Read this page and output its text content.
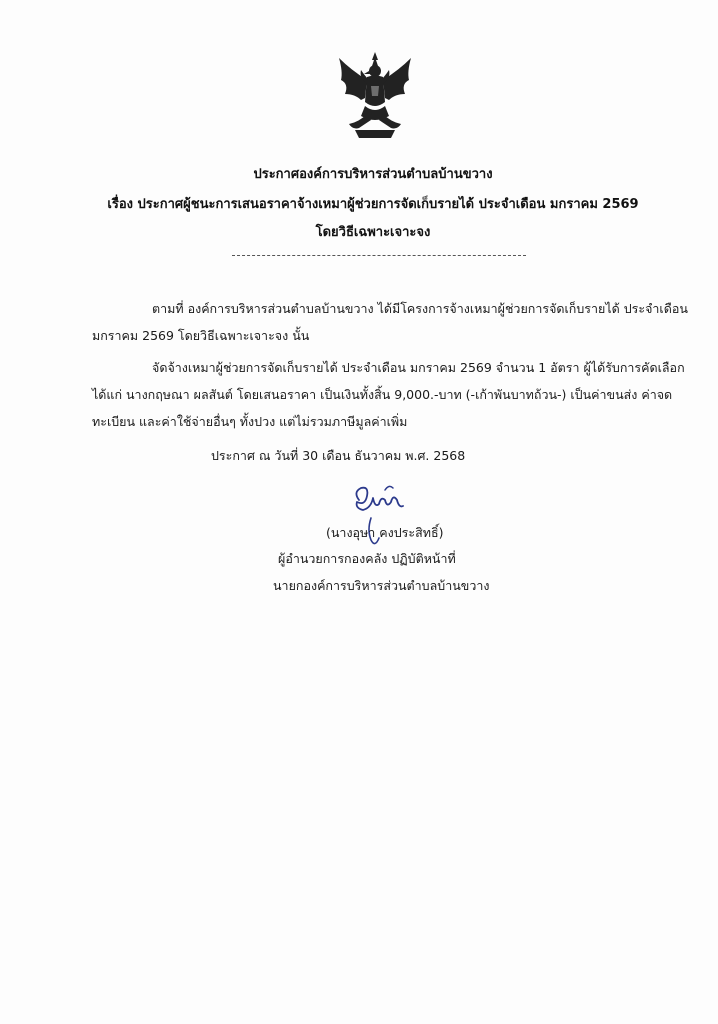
ประกาศองค์การบริหารส่วนตำบลบ้านขวาง
เรื่อง ประกาศผู้ชนะการเสนอราคาจ้างเหมาผู้ช่วยการจัดเก็บรายได้ ประจำเดือน มกราคม 2569
โดยวิธีเฉพาะเจาะจง
ตามที่ องค์การบริหารส่วนตำบลบ้านขวาง ได้มีโครงการจ้างเหมาผู้ช่วยการจัดเก็บรายได้ ประจำเดือน
มกราคม 2569 โดยวิธีเฉพาะเจาะจง นั้น
จัดจ้างเหมาผู้ช่วยการจัดเก็บรายได้ ประจำเดือน มกราคม 2569 จำนวน 1 อัตรา ผู้ได้รับการคัดเลือก
ได้แก่ นางกฤษณา ผลสันต์ โดยเสนอราคา เป็นเงินทั้งสิ้น 9,000.-บาท (-เก้าพันบาทถ้วน-) เป็นค่าขนส่ง ค่าจด
ทะเบียน และค่าใช้จ่ายอื่นๆ ทั้งปวง แต่ไม่รวมภาษีมูลค่าเพิ่ม
ประกาศ ณ วันที่ 30 เดือน ธันวาคม พ.ศ. 2568
(นางอุษา คงประสิทธิ์)
ผู้อำนวยการกองคลัง ปฏิบัติหน้าที่
นายกองค์การบริหารส่วนตำบลบ้านขวาง
